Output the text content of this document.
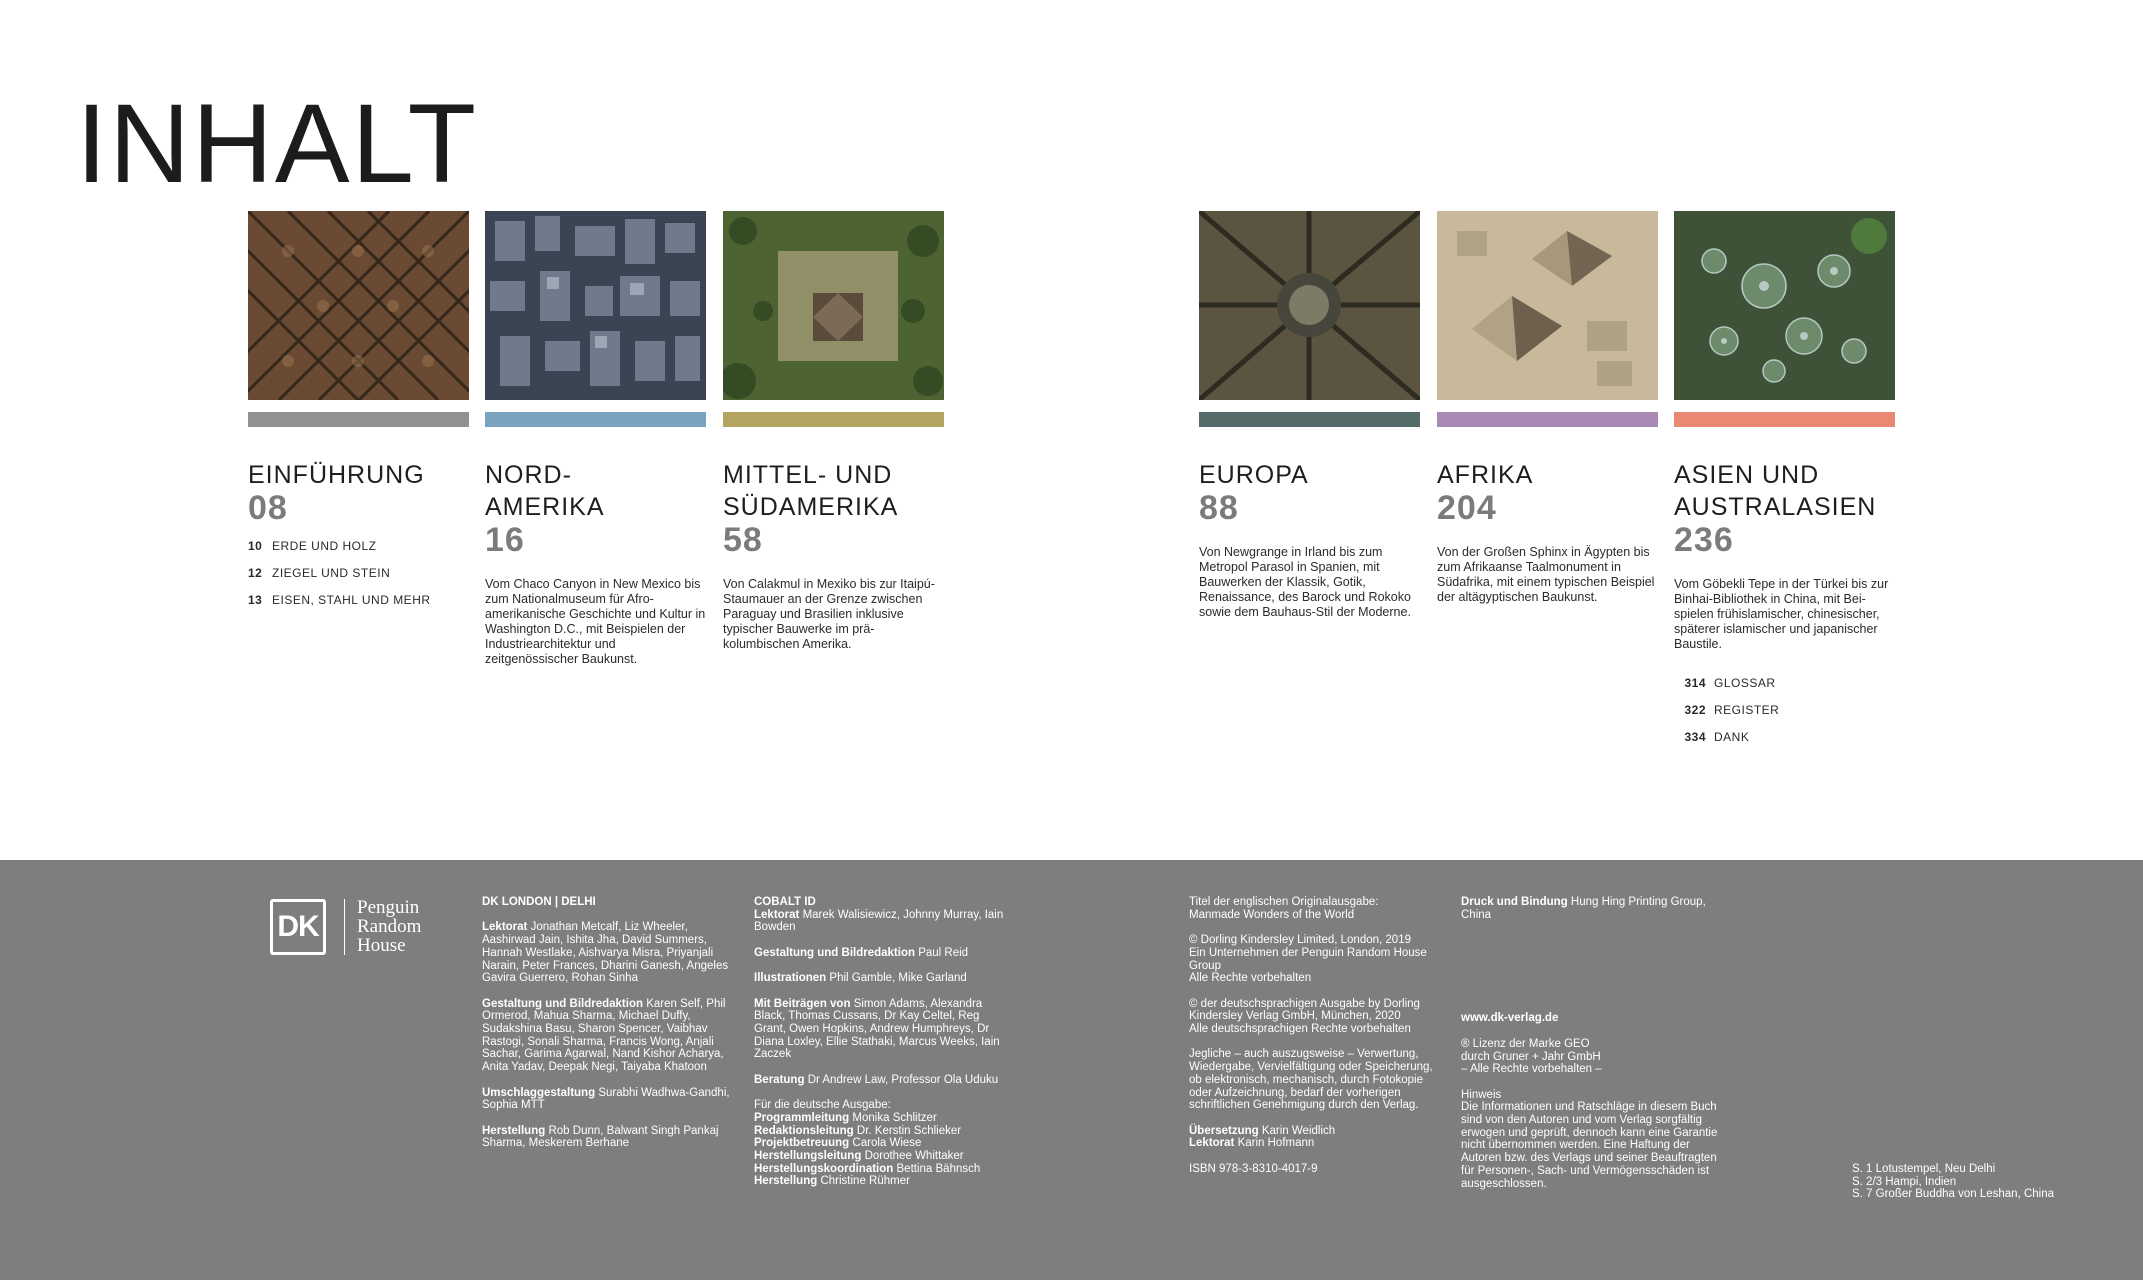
INHALT
EINFÜHRUNG
08
10 ERDE UND HOLZ
12 ZIEGEL UND STEIN
13 EISEN, STAHL UND MEHR
NORD-
AMERIKA
16
Vom Chaco Canyon in New Mexico bis zum Nationalmuseum für Afroamerikanische Geschichte und Kultur in Washington D.C., mit Beispielen der Industriearchitektur und zeitgenössischer Baukunst.
MITTEL- UND
SÜDAMERIKA
58
Von Calakmul in Mexiko bis zur Itaipú-Staumauer an der Grenze zwischen Paraguay und Brasilien inklusive typischer Bauwerke im präkolumbischen Amerika.
EUROPA
88
Von Newgrange in Irland bis zum Metropol Parasol in Spanien, mit Bauwerken der Klassik, Gotik, Renaissance, des Barock und Rokoko sowie dem Bauhaus-Stil der Moderne.
AFRIKA
204
Von der Großen Sphinx in Ägypten bis zum Afrikaanse Taalmonument in Südafrika, mit einem typischen Beispiel der altägyptischen Baukunst.
ASIEN UND
AUSTRALASIEN
236
Vom Göbekli Tepe in der Türkei bis zur Binhai-Bibliothek in China, mit Beispielen frühislamischer, chinesischer, späterer islamischer und japanischer Baustile.
314 GLOSSAR
322 REGISTER
334 DANK
DK
Penguin
Random
House
DK LONDON | DELHI
Lektorat Jonathan Metcalf, Liz Wheeler, Aashirwad Jain, Ishita Jha, David Summers, Hannah Westlake, Aishvarya Misra, Priyanjali Narain, Peter Frances, Dharini Ganesh, Angeles Gavira Guerrero, Rohan Sinha
Gestaltung und Bildredaktion Karen Self, Phil Ormerod, Mahua Sharma, Michael Duffy, Sudakshina Basu, Sharon Spencer, Vaibhav Rastogi, Sonali Sharma, Francis Wong, Anjali Sachar, Garima Agarwal, Nand Kishor Acharya, Anita Yadav, Deepak Negi, Taiyaba Khatoon
Umschlaggestaltung Surabhi Wadhwa-Gandhi, Sophia MTT
Herstellung Rob Dunn, Balwant Singh Pankaj Sharma, Meskerem Berhane
COBALT ID
Lektorat Marek Walisiewicz, Johnny Murray, Iain Bowden
Gestaltung und Bildredaktion Paul Reid
Illustrationen Phil Gamble, Mike Garland
Mit Beiträgen von Simon Adams, Alexandra Black, Thomas Cussans, Dr Kay Celtel, Reg Grant, Owen Hopkins, Andrew Humphreys, Dr Diana Loxley, Ellie Stathaki, Marcus Weeks, Iain Zaczek
Beratung Dr Andrew Law, Professor Ola Uduku
Für die deutsche Ausgabe:
Programmleitung Monika Schlitzer
Redaktionsleitung Dr. Kerstin Schlieker
Projektbetreuung Carola Wiese
Herstellungsleitung Dorothee Whittaker
Herstellungskoordination Bettina Bähnsch
Herstellung Christine Rühmer
Titel der englischen Originalausgabe:
Manmade Wonders of the World
© Dorling Kindersley Limited, London, 2019
Ein Unternehmen der Penguin Random House Group
Alle Rechte vorbehalten
© der deutschsprachigen Ausgabe by Dorling Kindersley Verlag GmbH, München, 2020
Alle deutschsprachigen Rechte vorbehalten
Jegliche – auch auszugsweise – Verwertung, Wiedergabe, Vervielfältigung oder Speicherung, ob elektronisch, mechanisch, durch Fotokopie oder Aufzeichnung, bedarf der vorherigen schriftlichen Genehmigung durch den Verlag.
Übersetzung Karin Weidlich
Lektorat Karin Hofmann
ISBN 978-3-8310-4017-9
Druck und Bindung Hung Hing Printing Group, China
www.dk-verlag.de
® Lizenz der Marke GEO
durch Gruner + Jahr GmbH
– Alle Rechte vorbehalten –
Hinweis
Die Informationen und Ratschläge in diesem Buch sind von den Autoren und vom Verlag sorgfältig erwogen und geprüft, dennoch kann eine Garantie nicht übernommen werden. Eine Haftung der Autoren bzw. des Verlags und seiner Beauftragten für Personen-, Sach- und Vermögensschäden ist ausgeschlossen.
S. 1 Lotustempel, Neu Delhi
S. 2/3 Hampi, Indien
S. 7 Großer Buddha von Leshan, China
